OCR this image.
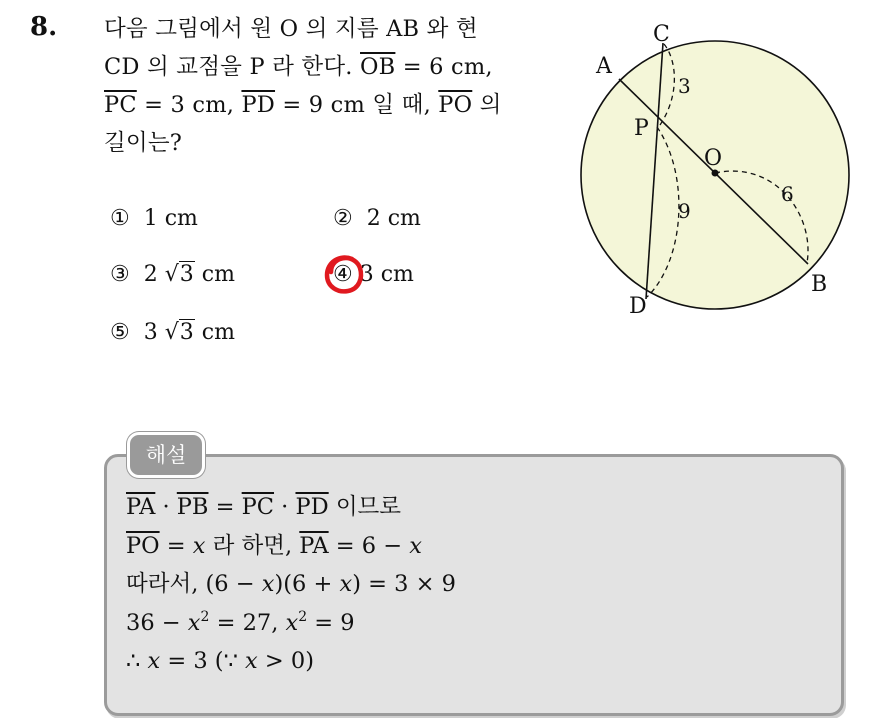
8. 다음 그림에서 원 O 의 지름 AB 와 현
CD 의 교점을 P 라 한다. $\overline{OB} = 6$ cm,
$\overline{PC} = 3$ cm, $\overline{PD} = 9$ cm 일 때, $\overline{PO}$ 의
길이는?
① 1 cm	② 2 cm
③ 2 √3 cm	④ 3 cm
⑤ 3 √3 cm
A
C
P
O
D
B
3
9
6
해설
$\overline{PA} \cdot \overline{PB} = \overline{PC} \cdot \overline{PD}$ 이므로
$\overline{PO} = x$ 라 하면, $\overline{PA} = 6 - x$
따라서, (6 − x)(6 + x) = 3 × 9
$36 - x^2 = 27$, $x^2 = 9$
∴ x = 3 (∵ x > 0)
